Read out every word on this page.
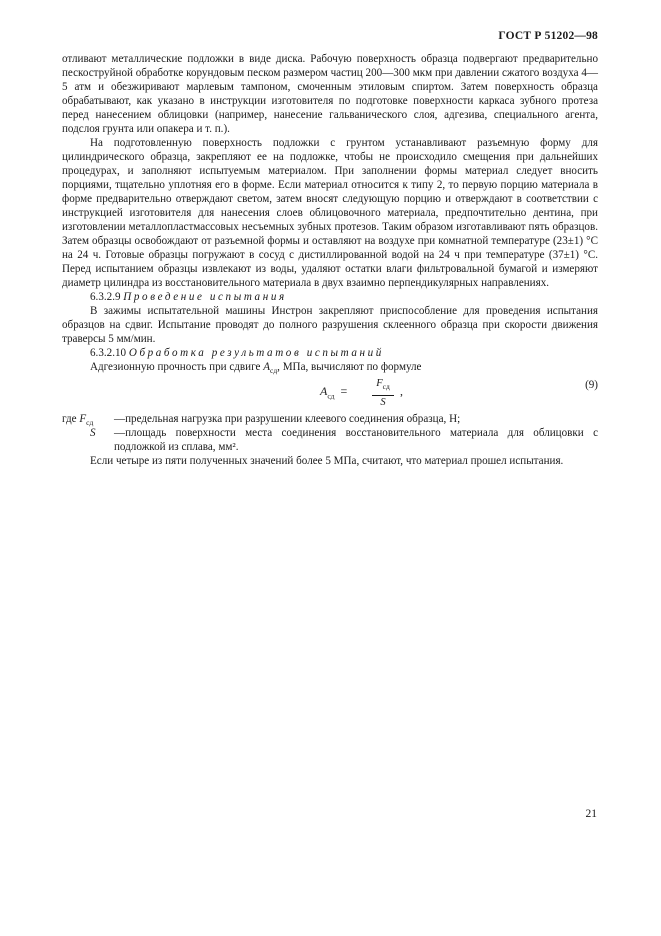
ГОСТ Р 51202—98

отливают металлические подложки в виде диска. Рабочую поверхность образца подвергают предварительно пескоструйной обработке корундовым песком размером частиц 200—300 мкм при давлении сжатого воздуха 4—5 атм и обезжиривают марлевым тампоном, смоченным этиловым спиртом. Затем поверхность образца обрабатывают, как указано в инструкции изготовителя по подготовке поверхности каркаса зубного протеза перед нанесением облицовки (например, нанесение гальванического слоя, адгезива, специального агента, подслоя грунта или опакера и т. п.).

На подготовленную поверхность подложки с грунтом устанавливают разъемную форму для цилиндрического образца, закрепляют ее на подложке, чтобы не происходило смещения при дальнейших процедурах, и заполняют испытуемым материалом. При заполнении формы материал следует вносить порциями, тщательно уплотняя его в форме. Если материал относится к типу 2, то первую порцию материала в форме предварительно отверждают светом, затем вносят следующую порцию и отверждают в соответствии с инструкцией изготовителя для нанесения слоев облицовочного материала, предпочтительно дентина, при изготовлении металлопластмассовых несъемных зубных протезов. Таким образом изготавливают пять образцов. Затем образцы освобождают от разъемной формы и оставляют на воздухе при комнатной температуре (23±1) °С на 24 ч. Готовые образцы погружают в сосуд с дистиллированной водой на 24 ч при температуре (37±1) °С. Перед испытанием образцы извлекают из воды, удаляют остатки влаги фильтровальной бумагой и измеряют диаметр цилиндра из восстановительного материала в двух взаимно перпендикулярных направлениях.

6.3.2.9 Проведение испытания

В зажимы испытательной машины Инстрон закрепляют приспособление для проведения испытания образцов на сдвиг. Испытание проводят до полного разрушения склеенного образца при скорости движения траверсы 5 мм/мин.

6.3.2.10 Обработка результатов испытаний

Адгезионную прочность при сдвиге $A_{сд}$, МПа, вычисляют по формуле

$A_{сд}$ =
$F_{сд}$
S
,	(9)
где $F_{сд}$	—предельная нагрузка при разрушении клеевого соединения образца, Н;

S —площадь поверхности места соединения восстановительного материала для облицовки с подложкой из сплава, мм².

Если четыре из пяти полученных значений более 5 МПа, считают, что материал прошел испытания.

21
